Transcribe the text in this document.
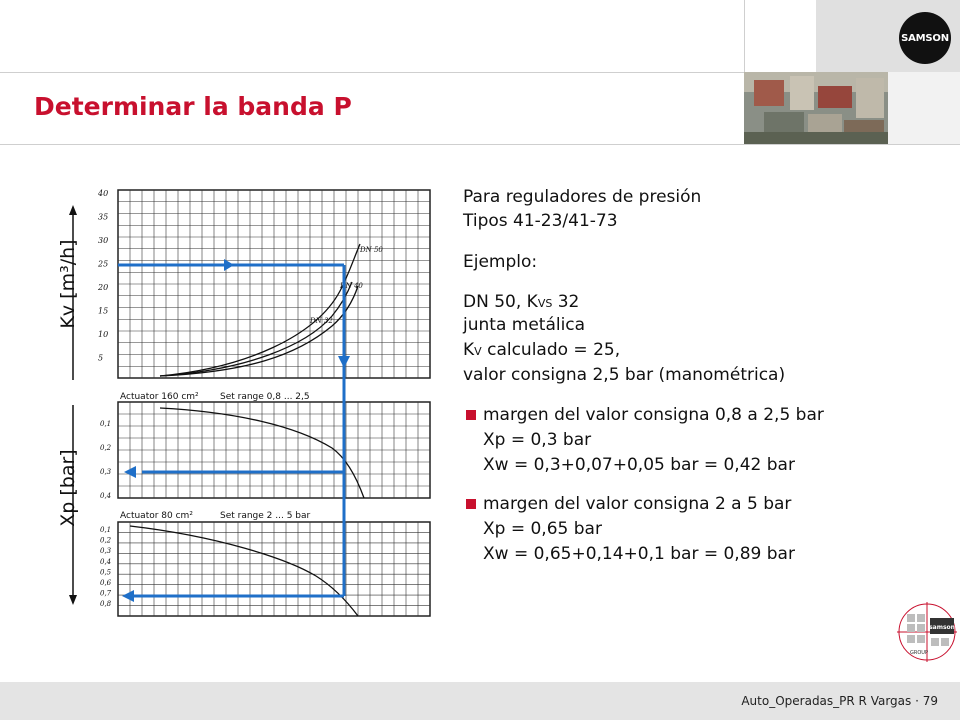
SAMSON
Determinar la banda P
Kv [m³/h]
Xp [bar]
40
35
30
25
20
15
10
5
DN 50
DN 40
DN 32
Actuator 160 cm² Set range 0,8 ... 2,5
0,1
0,2
0,3
0,4
Actuator 80 cm²	Set range 2 ... 5 bar
0,1
0,2
0,3
0,4
0,5
0,6
0,7
0,8
Para reguladores de presión
Tipos 41-23/41-73
Ejemplo:
DN 50, KVS 32
junta metálica
KV calculado = 25,
valor consigna 2,5 bar (manométrica)
margen del valor consigna 0,8 a 2,5 bar
Xp = 0,3 bar
Xw = 0,3+0,07+0,05 bar = 0,42 bar
margen del valor consigna 2 a 5 bar
Xp = 0,65 bar
Xw = 0,65+0,14+0,1 bar = 0,89 bar
samson
GROUP
Auto_Operadas_PR R Vargas · 79
